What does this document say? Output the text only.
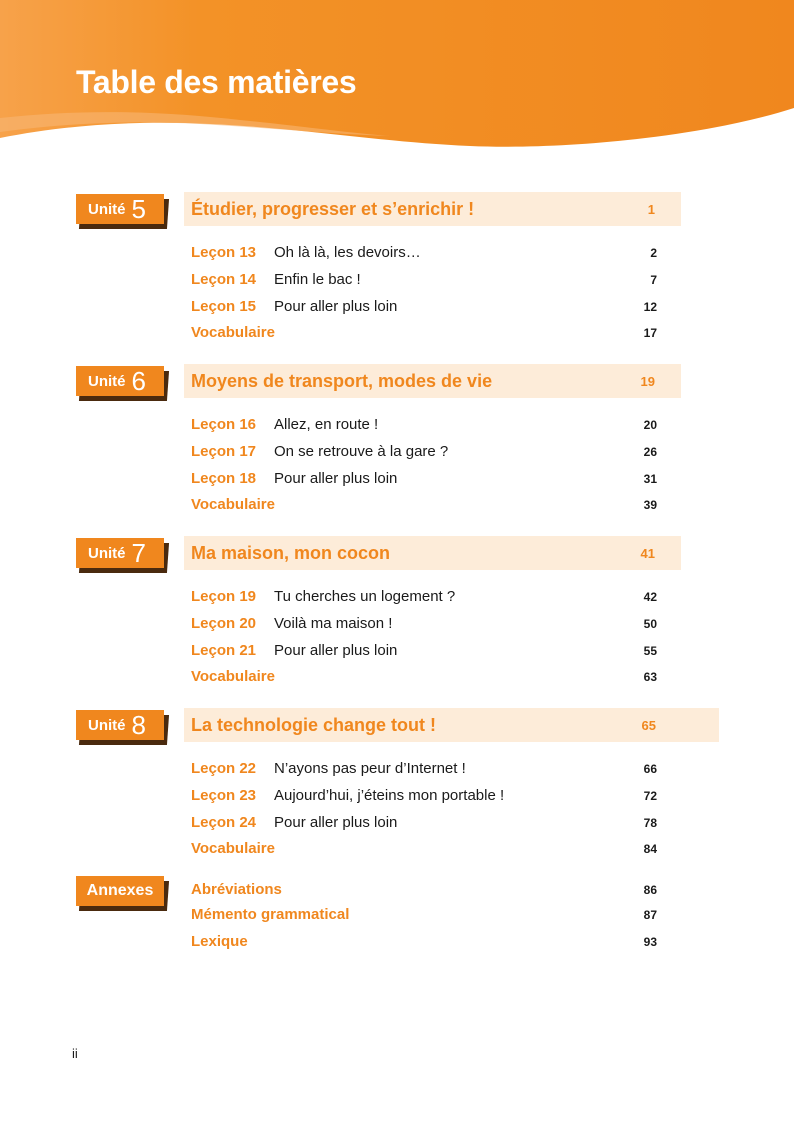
Table des matières
Unité 5	Étudier, progresser et s’enrichir !	1
Leçon 13 Oh là là, les devoirs…	2
Leçon 14 Enfin le bac !	7
Leçon 15 Pour aller plus loin	12
Vocabulaire	17
Unité 6	Moyens de transport, modes de vie	19
Leçon 16 Allez, en route !	20
Leçon 17 On se retrouve à la gare ?	26
Leçon 18 Pour aller plus loin	31
Vocabulaire	39
Unité 7	Ma maison, mon cocon	41
Leçon 19 Tu cherches un logement ?	42
Leçon 20 Voilà ma maison !	50
Leçon 21 Pour aller plus loin	55
Vocabulaire	63
Unité 8	La technologie change tout !	65
Leçon 22 N’ayons pas peur d’Internet !	66
Leçon 23 Aujourd’hui, j’éteins mon portable !	72
Leçon 24 Pour aller plus loin	78
Vocabulaire	84
Annexes	Abréviations	86
Mémento grammatical	87
Lexique	93
ii
